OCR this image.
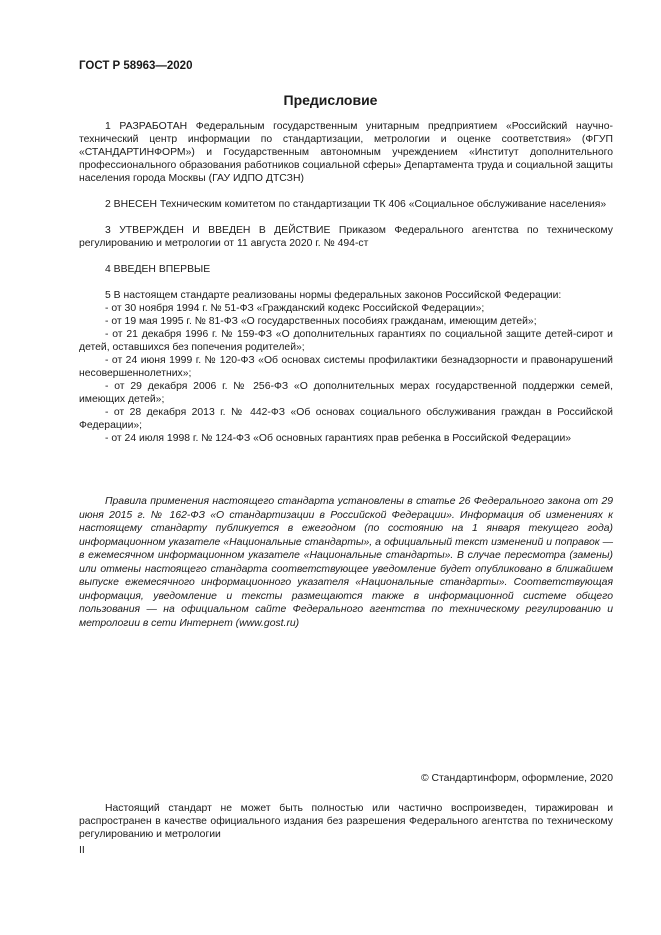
ГОСТ Р 58963—2020
Предисловие

1 РАЗРАБОТАН Федеральным государственным унитарным предприятием «Российский научно-технический центр информации по стандартизации, метрологии и оценке соответствия» (ФГУП «СТАНДАРТИНФОРМ») и Государственным автономным учреждением «Институт дополнительного профессионального образования работников социальной сферы» Департамента труда и социальной защиты населения города Москвы (ГАУ ИДПО ДТСЗН)

2 ВНЕСЕН Техническим комитетом по стандартизации ТК 406 «Социальное обслуживание населения»

3 УТВЕРЖДЕН И ВВЕДЕН В ДЕЙСТВИЕ Приказом Федерального агентства по техническому регулированию и метрологии от 11 августа 2020 г. № 494-ст

4 ВВЕДЕН ВПЕРВЫЕ

5 В настоящем стандарте реализованы нормы федеральных законов Российской Федерации:

- от 30 ноября 1994 г. № 51-ФЗ «Гражданский кодекс Российской Федерации»;

- от 19 мая 1995 г. № 81-ФЗ «О государственных пособиях гражданам, имеющим детей»;

- от 21 декабря 1996 г. № 159-ФЗ «О дополнительных гарантиях по социальной защите детей-сирот и детей, оставшихся без попечения родителей»;

- от 24 июня 1999 г. № 120-ФЗ «Об основах системы профилактики безнадзорности и правонарушений несовершеннолетних»;

- от 29 декабря 2006 г. № 256-ФЗ «О дополнительных мерах государственной поддержки семей, имеющих детей»;

- от 28 декабря 2013 г. № 442-ФЗ «Об основах социального обслуживания граждан в Российской Федерации»;

- от 24 июля 1998 г. № 124-ФЗ «Об основных гарантиях прав ребенка в Российской Федерации»

Правила применения настоящего стандарта установлены в статье 26 Федерального закона от 29 июня 2015 г. № 162-ФЗ «О стандартизации в Российской Федерации». Информация об изменениях к настоящему стандарту публикуется в ежегодном (по состоянию на 1 января текущего года) информационном указателе «Национальные стандарты», а официальный текст изменений и поправок — в ежемесячном информационном указателе «Национальные стандарты». В случае пересмотра (замены) или отмены настоящего стандарта соответствующее уведомление будет опубликовано в ближайшем выпуске ежемесячного информационного указателя «Национальные стандарты». Соответствующая информация, уведомление и тексты размещаются также в информационной системе общего пользования — на официальном сайте Федерального агентства по техническому регулированию и метрологии в сети Интернет (www.gost.ru)

© Стандартинформ, оформление, 2020

Настоящий стандарт не может быть полностью или частично воспроизведен, тиражирован и распространен в качестве официального издания без разрешения Федерального агентства по техническому регулированию и метрологии

II
